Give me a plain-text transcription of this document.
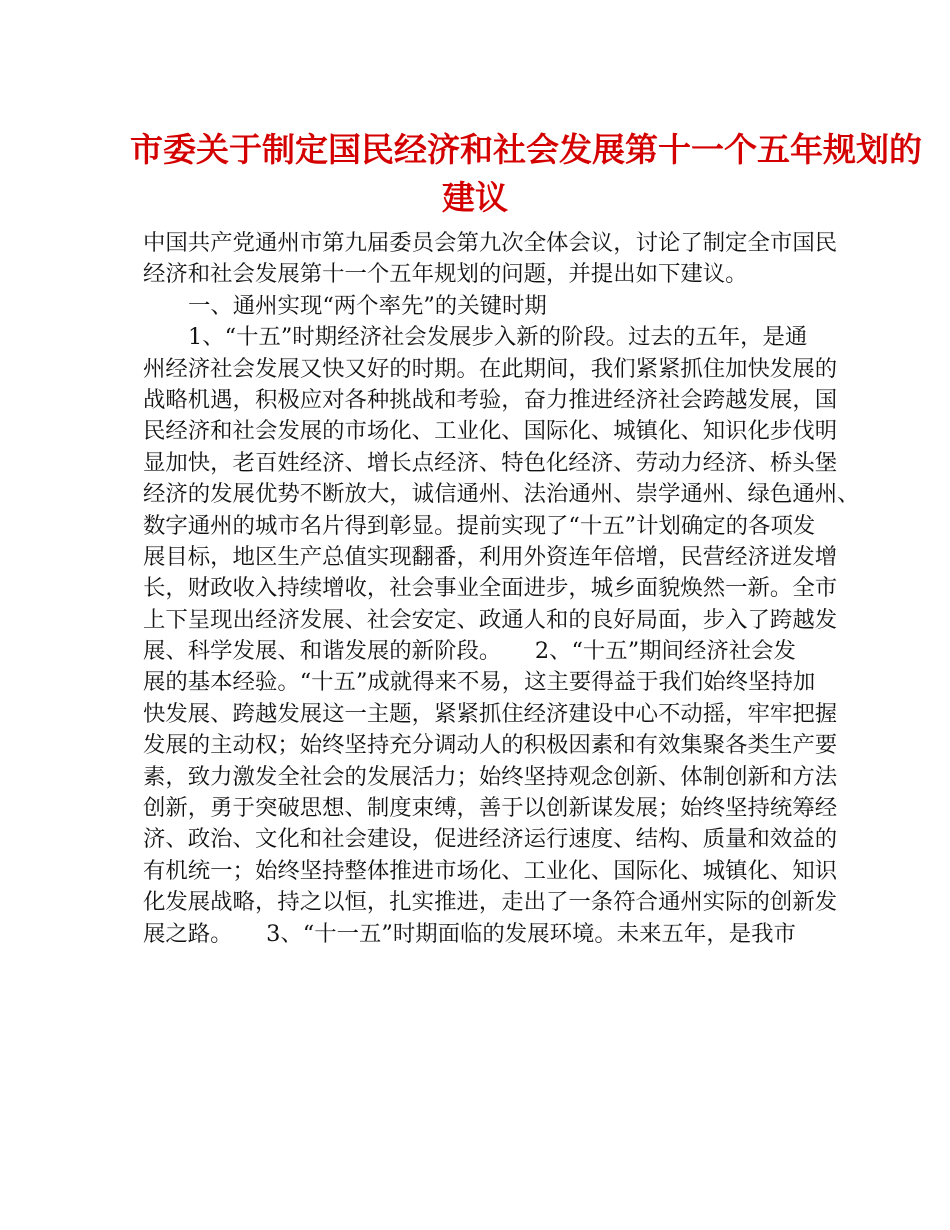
市委关于制定国民经济和社会发展第十一个五年规划的
建议
中国共产党通州市第九届委员会第九次全体会议，讨论了制定全市国民
经济和社会发展第十一个五年规划的问题，并提出如下建议。
一、通州实现“两个率先”的关键时期
1、“十五”时期经济社会发展步入新的阶段。过去的五年，是通
州经济社会发展又快又好的时期。在此期间，我们紧紧抓住加快发展的
战略机遇，积极应对各种挑战和考验，奋力推进经济社会跨越发展，国
民经济和社会发展的市场化、工业化、国际化、城镇化、知识化步伐明
显加快，老百姓经济、增长点经济、特色化经济、劳动力经济、桥头堡
经济的发展优势不断放大，诚信通州、法治通州、崇学通州、绿色通州、
数字通州的城市名片得到彰显。提前实现了“十五”计划确定的各项发
展目标，地区生产总值实现翻番，利用外资连年倍增，民营经济迸发增
长，财政收入持续增收，社会事业全面进步，城乡面貌焕然一新。全市
上下呈现出经济发展、社会安定、政通人和的良好局面，步入了跨越发
展、科学发展、和谐发展的新阶段。　　2、“十五”期间经济社会发
展的基本经验。“十五”成就得来不易，这主要得益于我们始终坚持加
快发展、跨越发展这一主题，紧紧抓住经济建设中心不动摇，牢牢把握
发展的主动权；始终坚持充分调动人的积极因素和有效集聚各类生产要
素，致力激发全社会的发展活力；始终坚持观念创新、体制创新和方法
创新，勇于突破思想、制度束缚，善于以创新谋发展；始终坚持统筹经
济、政治、文化和社会建设，促进经济运行速度、结构、质量和效益的
有机统一；始终坚持整体推进市场化、工业化、国际化、城镇化、知识
化发展战略，持之以恒，扎实推进，走出了一条符合通州实际的创新发
展之路。　　3、“十一五”时期面临的发展环境。未来五年，是我市
